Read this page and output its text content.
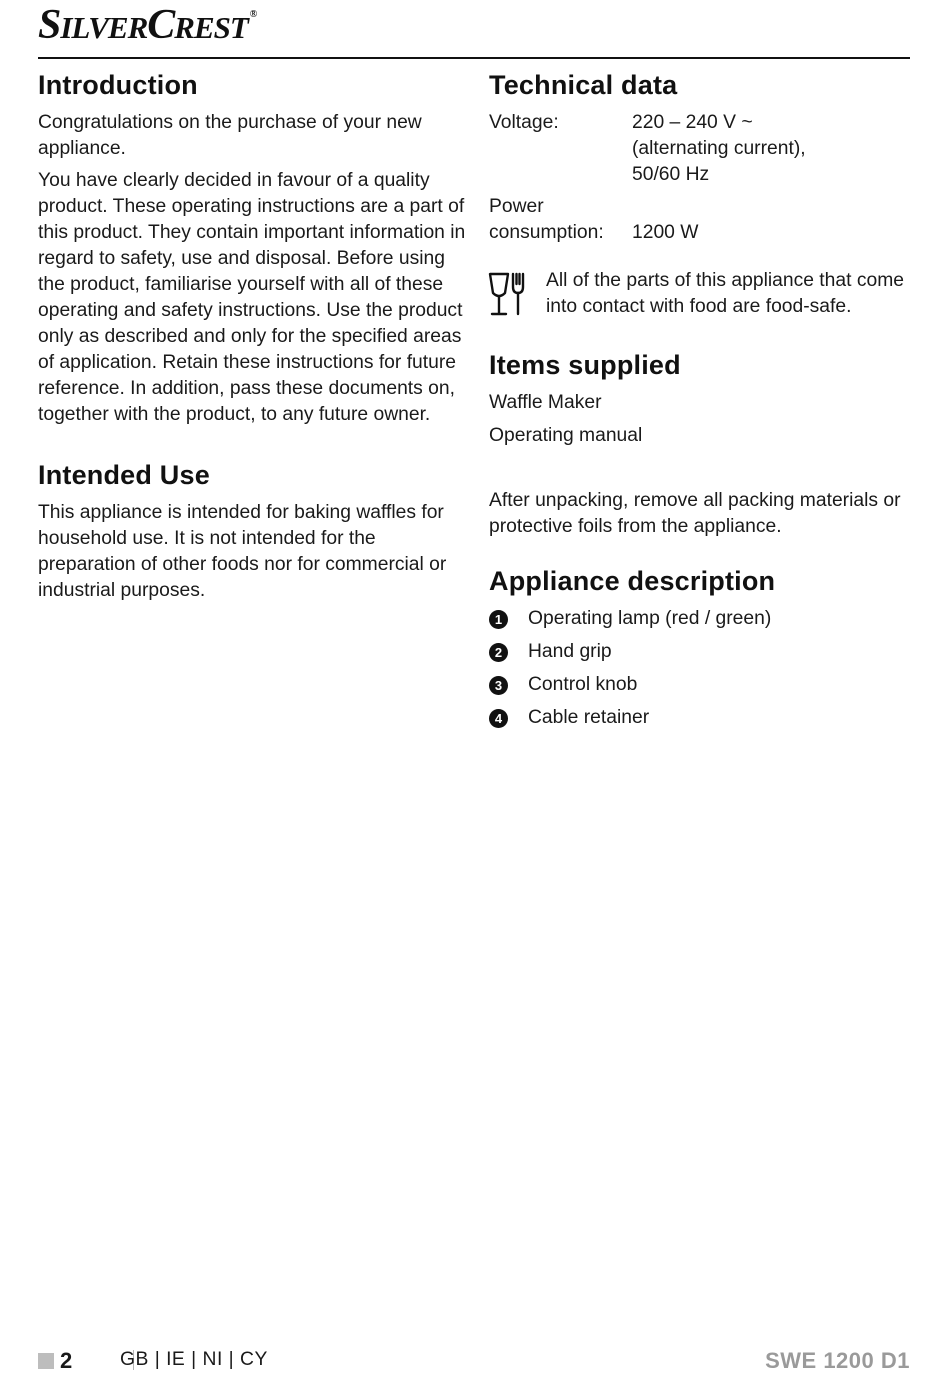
SILVERCREST ®
Introduction

Congratulations on the purchase of your new appliance.

You have clearly decided in favour of a quality product. These operating instructions are a part of this product. They contain important information in regard to safety, use and disposal. Before using the product, familiarise yourself with all of these operating and safety instructions. Use the product only as described and only for the specified areas of application. Retain these instructions for future reference. In addition, pass these documents on, together with the product, to any future owner.

Intended Use

This appliance is intended for baking waffles for household use. It is not intended for the preparation of other foods nor for commercial or industrial purposes.

Technical data
Voltage:	220 – 240 V ~
(alternating current),
50/60 Hz
Power
consumption:
	1200 W
All of the parts of this appliance that come into contact with food are food-safe.
Items supplied
Waffle Maker
Operating manual

After unpacking, remove all packing materials or protective foils from the appliance.

Appliance description
1	Operating lamp (red / green)
2	Hand grip
3	Control knob
4	Cable retainer
2 GB | IE | NI | CY	SWE 1200 D1
